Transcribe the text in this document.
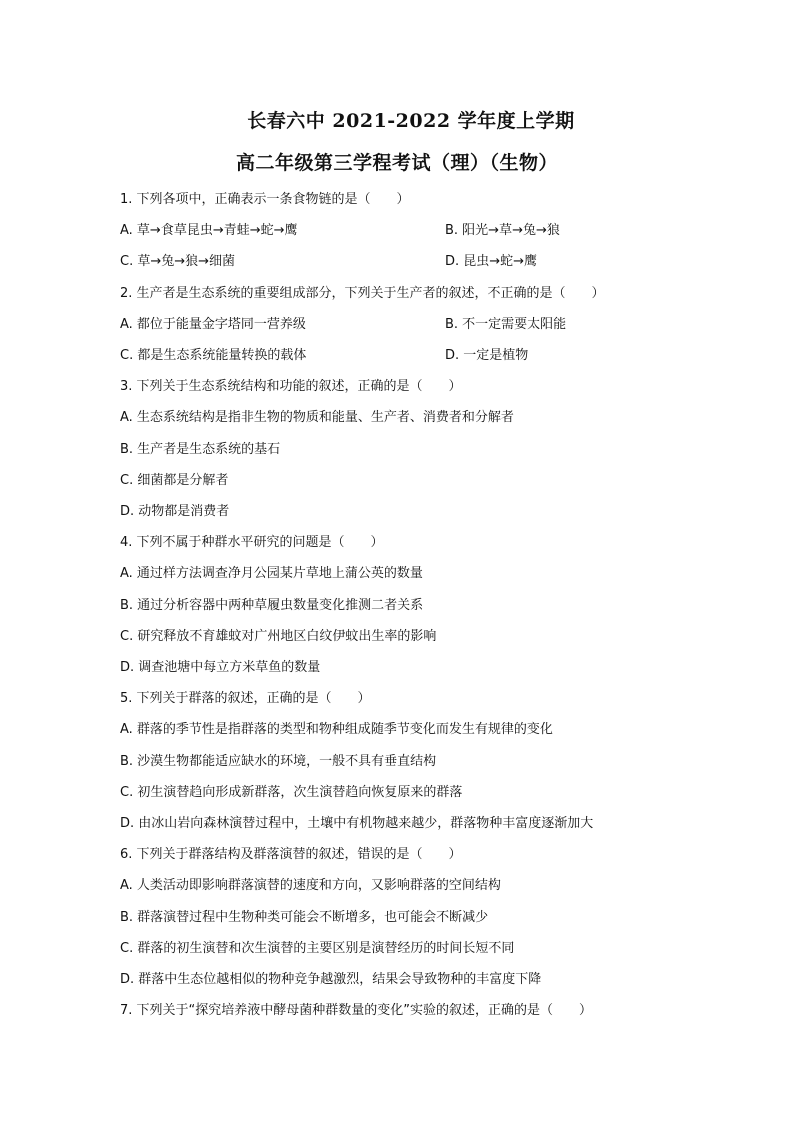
长春六中 2021-2022 学年度上学期
高二年级第三学程考试（理）（生物）
1. 下列各项中，正确表示一条食物链的是（　　）
A. 草→食草昆虫→青蛙→蛇→鹰	B. 阳光→草→兔→狼
C. 草→兔→狼→细菌	D. 昆虫→蛇→鹰
2. 生产者是生态系统的重要组成部分，下列关于生产者的叙述，不正确的是（　　）
A. 都位于能量金字塔同一营养级	B. 不一定需要太阳能
C. 都是生态系统能量转换的载体	D. 一定是植物
3. 下列关于生态系统结构和功能的叙述，正确的是（　　）
A. 生态系统结构是指非生物的物质和能量、生产者、消费者和分解者
B. 生产者是生态系统的基石
C. 细菌都是分解者
D. 动物都是消费者
4. 下列不属于种群水平研究的问题是（　　）
A. 通过样方法调查净月公园某片草地上蒲公英的数量
B. 通过分析容器中两种草履虫数量变化推测二者关系
C. 研究释放不育雄蚊对广州地区白纹伊蚊出生率的影响
D. 调查池塘中每立方米草鱼的数量
5. 下列关于群落的叙述，正确的是（　　）
A. 群落的季节性是指群落的类型和物种组成随季节变化而发生有规律的变化
B. 沙漠生物都能适应缺水的环境，一般不具有垂直结构
C. 初生演替趋向形成新群落，次生演替趋向恢复原来的群落
D. 由冰山岩向森林演替过程中，土壤中有机物越来越少，群落物种丰富度逐渐加大
6. 下列关于群落结构及群落演替的叙述，错误的是（　　）
A. 人类活动即影响群落演替的速度和方向，又影响群落的空间结构
B. 群落演替过程中生物种类可能会不断增多，也可能会不断减少
C. 群落的初生演替和次生演替的主要区别是演替经历的时间长短不同
D. 群落中生态位越相似的物种竞争越激烈，结果会导致物种的丰富度下降
7. 下列关于“探究培养液中酵母菌种群数量的变化”实验的叙述，正确的是（　　）
